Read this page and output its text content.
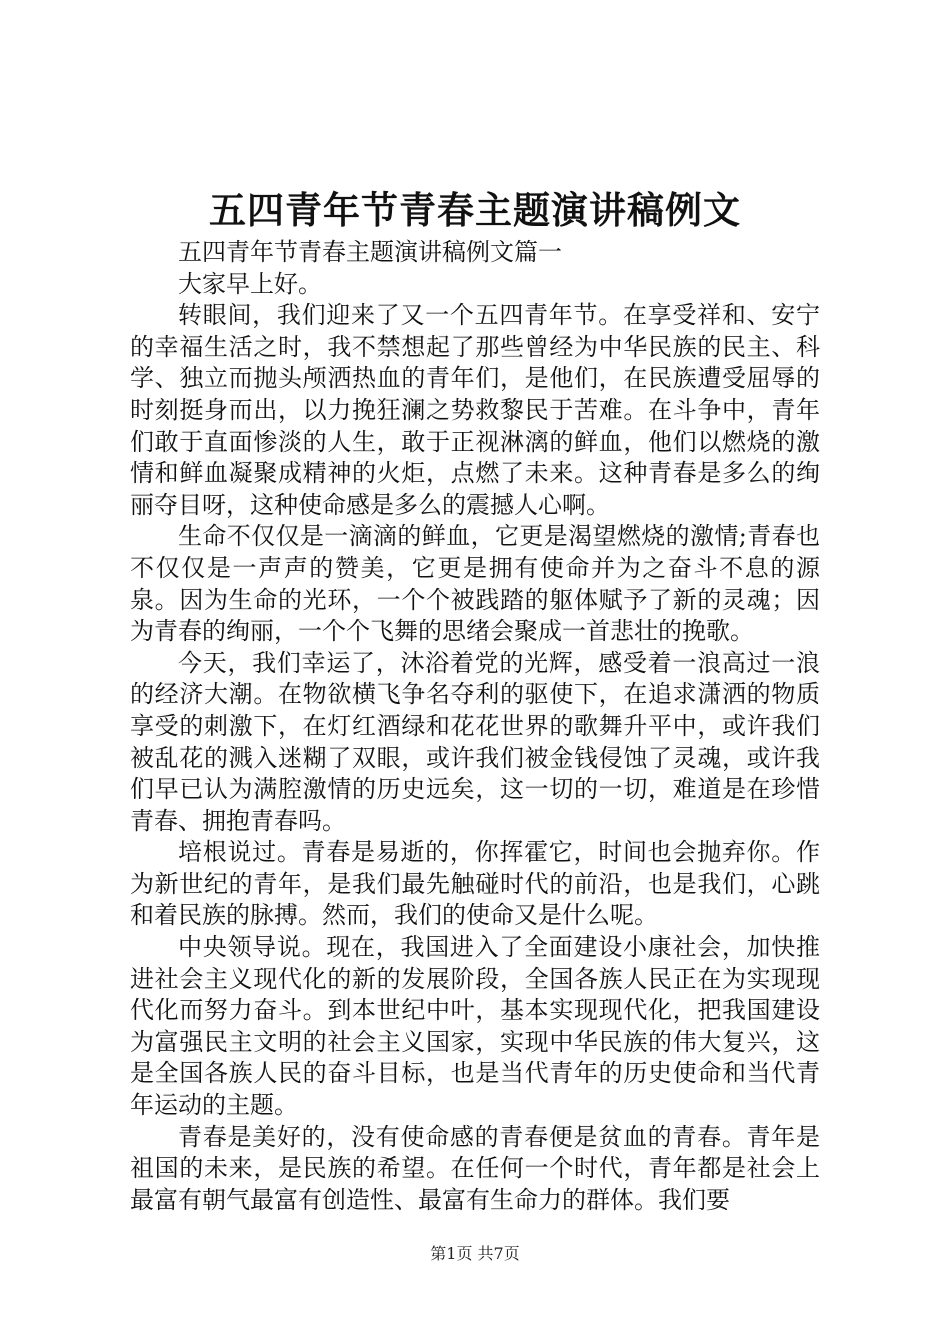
五四青年节青春主题演讲稿例文

五四青年节青春主题演讲稿例文篇一

大家早上好。

转眼间，我们迎来了又一个五四青年节。在享受祥和、安宁的幸福生活之时，我不禁想起了那些曾经为中华民族的民主、科学、独立而抛头颅洒热血的青年们，是他们，在民族遭受屈辱的时刻挺身而出，以力挽狂澜之势救黎民于苦难。在斗争中，青年们敢于直面惨淡的人生，敢于正视淋漓的鲜血，他们以燃烧的激情和鲜血凝聚成精神的火炬，点燃了未来。这种青春是多么的绚丽夺目呀，这种使命感是多么的震撼人心啊。

生命不仅仅是一滴滴的鲜血，它更是渴望燃烧的激情;青春也不仅仅是一声声的赞美，它更是拥有使命并为之奋斗不息的源泉。因为生命的光环，一个个被践踏的躯体赋予了新的灵魂；因为青春的绚丽，一个个飞舞的思绪会聚成一首悲壮的挽歌。

今天，我们幸运了，沐浴着党的光辉，感受着一浪高过一浪的经济大潮。在物欲横飞争名夺利的驱使下，在追求潇洒的物质享受的刺激下，在灯红酒绿和花花世界的歌舞升平中，或许我们被乱花的溅入迷糊了双眼，或许我们被金钱侵蚀了灵魂，或许我们早已认为满腔激情的历史远矣，这一切的一切，难道是在珍惜青春、拥抱青春吗。

培根说过。青春是易逝的，你挥霍它，时间也会抛弃你。作为新世纪的青年，是我们最先触碰时代的前沿，也是我们，心跳和着民族的脉搏。然而，我们的使命又是什么呢。

中央领导说。现在，我国进入了全面建设小康社会，加快推进社会主义现代化的新的发展阶段，全国各族人民正在为实现现代化而努力奋斗。到本世纪中叶，基本实现现代化，把我国建设为富强民主文明的社会主义国家，实现中华民族的伟大复兴，这是全国各族人民的奋斗目标，也是当代青年的历史使命和当代青年运动的主题。

青春是美好的，没有使命感的青春便是贫血的青春。青年是祖国的未来，是民族的希望。在任何一个时代，青年都是社会上最富有朝气最富有创造性、最富有生命力的群体。我们要

第1页 共7页
